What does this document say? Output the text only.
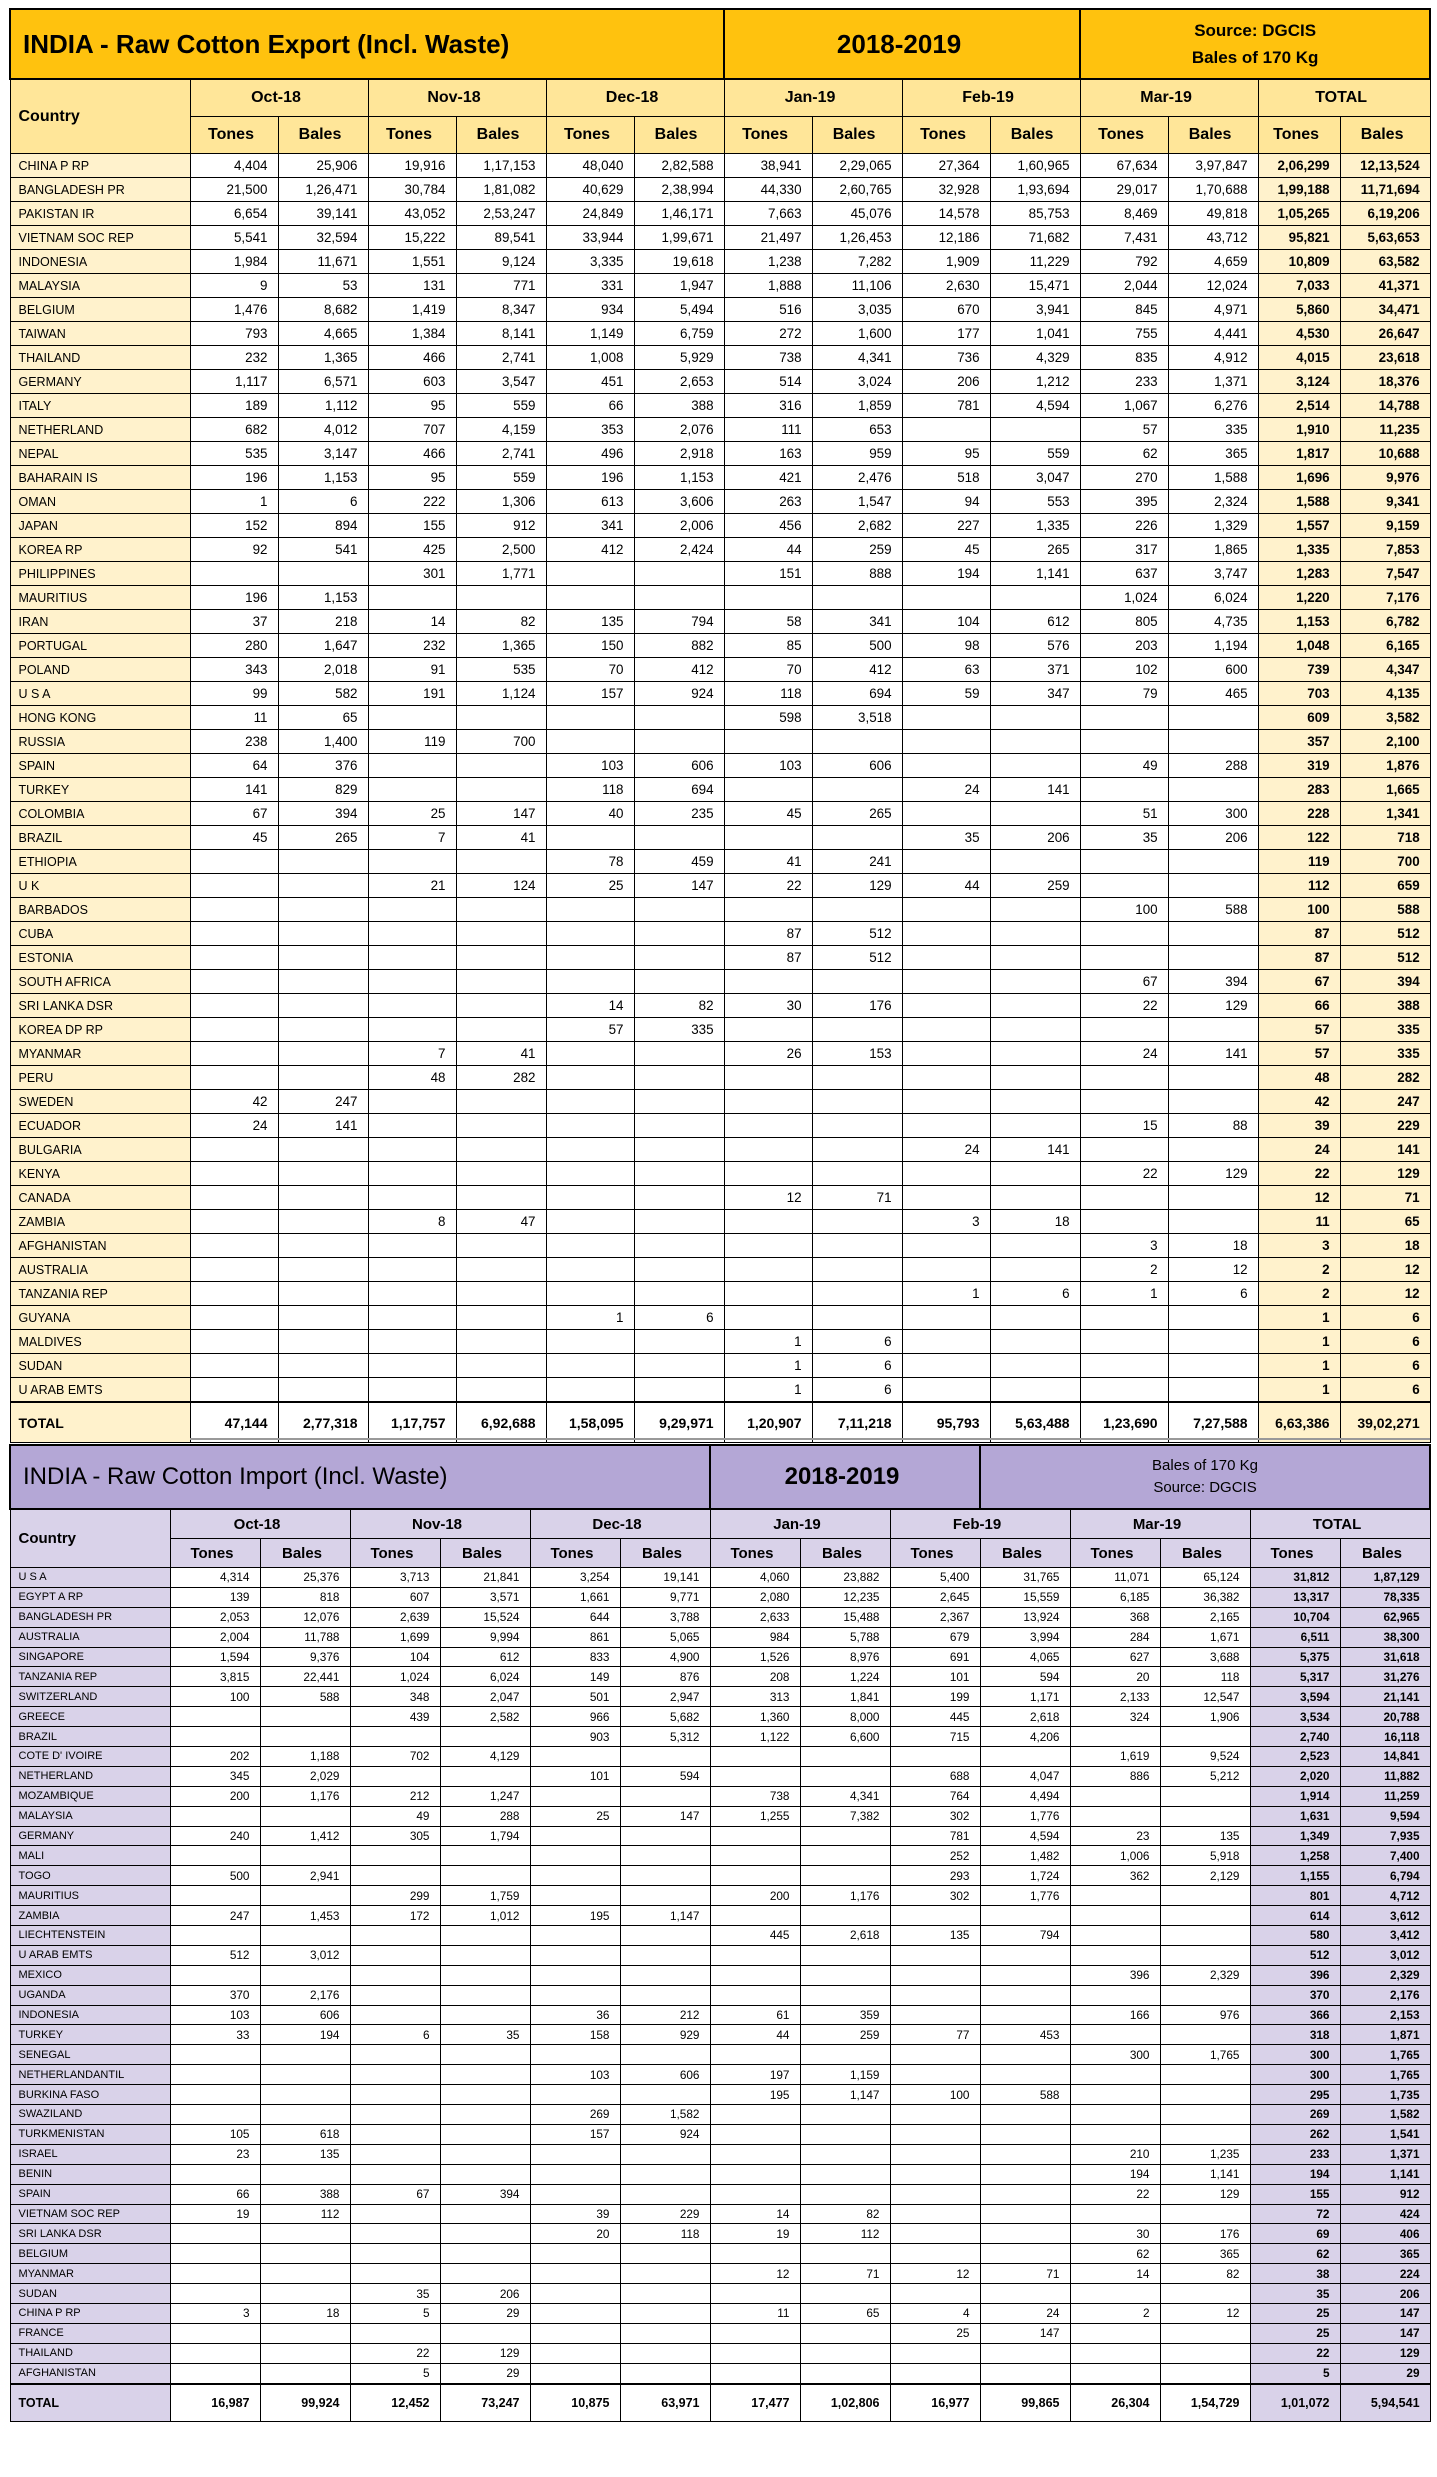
INDIA - Raw Cotton Export (Incl. Waste)							2018-2019				Source: DGCIS
Bales of 170 Kg			

Country	Oct-18		Nov-18		Dec-18		Jan-19		Feb-19		Mar-19		TOTAL	
	Tones	Bales	Tones	Bales	Tones	Bales	Tones	Bales	Tones	Bales	Tones	Bales	Tones	Bales
CHINA P RP	4,404	25,906	19,916	1,17,153	48,040	2,82,588	38,941	2,29,065	27,364	1,60,965	67,634	3,97,847	2,06,299	12,13,524
BANGLADESH PR	21,500	1,26,471	30,784	1,81,082	40,629	2,38,994	44,330	2,60,765	32,928	1,93,694	29,017	1,70,688	1,99,188	11,71,694
PAKISTAN IR	6,654	39,141	43,052	2,53,247	24,849	1,46,171	7,663	45,076	14,578	85,753	8,469	49,818	1,05,265	6,19,206
VIETNAM SOC REP	5,541	32,594	15,222	89,541	33,944	1,99,671	21,497	1,26,453	12,186	71,682	7,431	43,712	95,821	5,63,653
INDONESIA	1,984	11,671	1,551	9,124	3,335	19,618	1,238	7,282	1,909	11,229	792	4,659	10,809	63,582
MALAYSIA	9	53	131	771	331	1,947	1,888	11,106	2,630	15,471	2,044	12,024	7,033	41,371
BELGIUM	1,476	8,682	1,419	8,347	934	5,494	516	3,035	670	3,941	845	4,971	5,860	34,471
TAIWAN	793	4,665	1,384	8,141	1,149	6,759	272	1,600	177	1,041	755	4,441	4,530	26,647
THAILAND	232	1,365	466	2,741	1,008	5,929	738	4,341	736	4,329	835	4,912	4,015	23,618
GERMANY	1,117	6,571	603	3,547	451	2,653	514	3,024	206	1,212	233	1,371	3,124	18,376
ITALY	189	1,112	95	559	66	388	316	1,859	781	4,594	1,067	6,276	2,514	14,788
NETHERLAND	682	4,012	707	4,159	353	2,076	111	653			57	335	1,910	11,235
NEPAL	535	3,147	466	2,741	496	2,918	163	959	95	559	62	365	1,817	10,688
BAHARAIN IS	196	1,153	95	559	196	1,153	421	2,476	518	3,047	270	1,588	1,696	9,976
OMAN	1	6	222	1,306	613	3,606	263	1,547	94	553	395	2,324	1,588	9,341
JAPAN	152	894	155	912	341	2,006	456	2,682	227	1,335	226	1,329	1,557	9,159
KOREA RP	92	541	425	2,500	412	2,424	44	259	45	265	317	1,865	1,335	7,853
PHILIPPINES			301	1,771			151	888	194	1,141	637	3,747	1,283	7,547
MAURITIUS	196	1,153									1,024	6,024	1,220	7,176
IRAN	37	218	14	82	135	794	58	341	104	612	805	4,735	1,153	6,782
PORTUGAL	280	1,647	232	1,365	150	882	85	500	98	576	203	1,194	1,048	6,165
POLAND	343	2,018	91	535	70	412	70	412	63	371	102	600	739	4,347
U S A	99	582	191	1,124	157	924	118	694	59	347	79	465	703	4,135
HONG KONG	11	65					598	3,518					609	3,582
RUSSIA	238	1,400	119	700									357	2,100
SPAIN	64	376			103	606	103	606			49	288	319	1,876
TURKEY	141	829			118	694			24	141			283	1,665
COLOMBIA	67	394	25	147	40	235	45	265			51	300	228	1,341
BRAZIL	45	265	7	41					35	206	35	206	122	718
ETHIOPIA					78	459	41	241					119	700
U K			21	124	25	147	22	129	44	259			112	659
BARBADOS											100	588	100	588
CUBA							87	512					87	512
ESTONIA							87	512					87	512
SOUTH AFRICA											67	394	67	394
SRI LANKA DSR					14	82	30	176			22	129	66	388
KOREA DP RP					57	335							57	335
MYANMAR			7	41			26	153			24	141	57	335
PERU			48	282									48	282
SWEDEN	42	247											42	247
ECUADOR	24	141									15	88	39	229
BULGARIA									24	141			24	141
KENYA											22	129	22	129
CANADA							12	71					12	71
ZAMBIA			8	47					3	18			11	65
AFGHANISTAN											3	18	3	18
AUSTRALIA											2	12	2	12
TANZANIA REP									1	6	1	6	2	12
GUYANA					1	6							1	6
MALDIVES							1	6					1	6
SUDAN							1	6					1	6
U ARAB EMTS							1	6					1	6
TOTAL	47,144	2,77,318	1,17,757	6,92,688	1,58,095	9,29,971	1,20,907	7,11,218	95,793	5,63,488	1,23,690	7,27,588	6,63,386	39,02,271
INDIA - Raw Cotton Import (Incl. Waste)							2018-2019			Bales of 170 Kg
Source: DGCIS				

Country	Oct-18		Nov-18		Dec-18		Jan-19		Feb-19		Mar-19		TOTAL	
	Tones	Bales	Tones	Bales	Tones	Bales	Tones	Bales	Tones	Bales	Tones	Bales	Tones	Bales
U S A	4,314	25,376	3,713	21,841	3,254	19,141	4,060	23,882	5,400	31,765	11,071	65,124	31,812	1,87,129
EGYPT A RP	139	818	607	3,571	1,661	9,771	2,080	12,235	2,645	15,559	6,185	36,382	13,317	78,335
BANGLADESH PR	2,053	12,076	2,639	15,524	644	3,788	2,633	15,488	2,367	13,924	368	2,165	10,704	62,965
AUSTRALIA	2,004	11,788	1,699	9,994	861	5,065	984	5,788	679	3,994	284	1,671	6,511	38,300
SINGAPORE	1,594	9,376	104	612	833	4,900	1,526	8,976	691	4,065	627	3,688	5,375	31,618
TANZANIA REP	3,815	22,441	1,024	6,024	149	876	208	1,224	101	594	20	118	5,317	31,276
SWITZERLAND	100	588	348	2,047	501	2,947	313	1,841	199	1,171	2,133	12,547	3,594	21,141
GREECE			439	2,582	966	5,682	1,360	8,000	445	2,618	324	1,906	3,534	20,788
BRAZIL					903	5,312	1,122	6,600	715	4,206			2,740	16,118
COTE D' IVOIRE	202	1,188	702	4,129							1,619	9,524	2,523	14,841
NETHERLAND	345	2,029			101	594			688	4,047	886	5,212	2,020	11,882
MOZAMBIQUE	200	1,176	212	1,247			738	4,341	764	4,494			1,914	11,259
MALAYSIA			49	288	25	147	1,255	7,382	302	1,776			1,631	9,594
GERMANY	240	1,412	305	1,794					781	4,594	23	135	1,349	7,935
MALI									252	1,482	1,006	5,918	1,258	7,400
TOGO	500	2,941							293	1,724	362	2,129	1,155	6,794
MAURITIUS			299	1,759			200	1,176	302	1,776			801	4,712
ZAMBIA	247	1,453	172	1,012	195	1,147							614	3,612
LIECHTENSTEIN							445	2,618	135	794			580	3,412
U ARAB EMTS	512	3,012											512	3,012
MEXICO											396	2,329	396	2,329
UGANDA	370	2,176											370	2,176
INDONESIA	103	606			36	212	61	359			166	976	366	2,153
TURKEY	33	194	6	35	158	929	44	259	77	453			318	1,871
SENEGAL											300	1,765	300	1,765
NETHERLANDANTIL					103	606	197	1,159					300	1,765
BURKINA FASO							195	1,147	100	588			295	1,735
SWAZILAND					269	1,582							269	1,582
TURKMENISTAN	105	618			157	924							262	1,541
ISRAEL	23	135									210	1,235	233	1,371
BENIN											194	1,141	194	1,141
SPAIN	66	388	67	394							22	129	155	912
VIETNAM SOC REP	19	112			39	229	14	82					72	424
SRI LANKA DSR					20	118	19	112			30	176	69	406
BELGIUM											62	365	62	365
MYANMAR							12	71	12	71	14	82	38	224
SUDAN			35	206									35	206
CHINA P RP	3	18	5	29			11	65	4	24	2	12	25	147
FRANCE									25	147			25	147
THAILAND			22	129									22	129
AFGHANISTAN			5	29									5	29
TOTAL	16,987	99,924	12,452	73,247	10,875	63,971	17,477	1,02,806	16,977	99,865	26,304	1,54,729	1,01,072	5,94,541
